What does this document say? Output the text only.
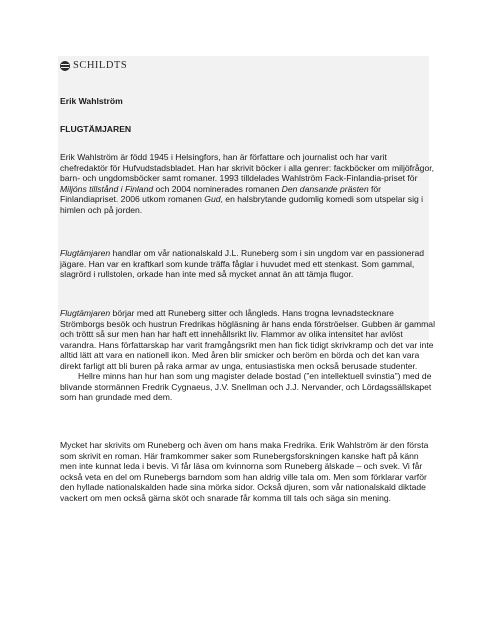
SCHILDTS
Erik Wahlström
FLUGTÄMJAREN

Erik Wahlström är född 1945 i Helsingfors, han är författare och journalist och har varit chefredaktör för Hufvudstadsbladet. Han har skrivit böcker i alla genrer: fackböcker om miljöfrågor, barn- och ungdomsböcker samt romaner. 1993 tilldelades Wahlström Fack-Finlandia-priset för Miljöns tillstånd i Finland och 2004 nominerades romanen Den dansande prästen för Finlandiapriset. 2006 utkom romanen Gud, en halsbrytande gudomlig komedi som utspelar sig i himlen och på jorden.

Flugtämjaren handlar om vår nationalskald J.L. Runeberg som i sin ungdom var en passionerad jägare. Han var en kraftkarl som kunde träffa fåglar i huvudet med ett stenkast. Som gammal, slagrörd i rullstolen, orkade han inte med så mycket annat än att tämja flugor.

Flugtämjaren börjar med att Runeberg sitter och långleds. Hans trogna levnadstecknare Strömborgs besök och hustrun Fredrikas högläsning är hans enda förströelser. Gubben är gammal och tröttt så sur men han har haft ett innehållsrikt liv. Flammor av olika intensitet har avlöst varandra. Hans författarskap har varit framgångsrikt men han fick tidigt skrivkramp och det var inte alltid lätt att vara en nationell ikon. Med åren blir smicker och beröm en börda och det kan vara direkt farligt att bli buren på raka armar av unga, entusiastiska men också berusade studenter.

Hellre minns han hur han som ung magister delade bostad (”en intellektuell svinstia”) med de blivande stormännen Fredrik Cygnaeus, J.V. Snellman och J.J. Nervander, och Lördagssällskapet som han grundade med dem.

Mycket har skrivits om Runeberg och även om hans maka Fredrika. Erik Wahlström är den första som skrivit en roman. Här framkommer saker som Runebergsforskningen kanske haft på känn men inte kunnat leda i bevis. Vi får läsa om kvinnorna som Runeberg älskade – och svek. Vi får också veta en del om Runebergs barndom som han aldrig ville tala om. Men som förklarar varför den hyllade nationalskalden hade sina mörka sidor. Också djuren, som vår nationalskald diktade vackert om men också gärna sköt och snarade får komma till tals och säga sin mening.
